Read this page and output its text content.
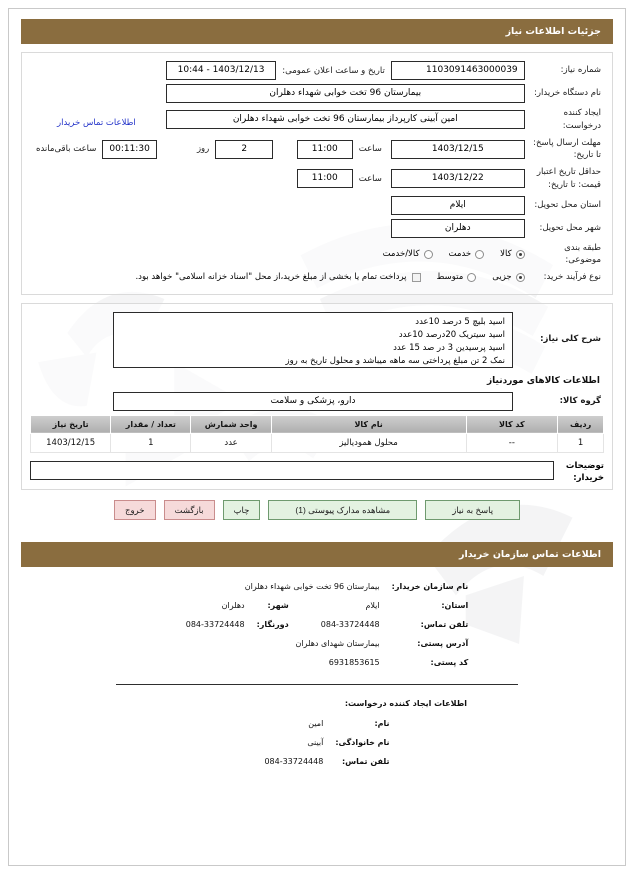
جزئیات اطلاعات نیاز
شماره نیاز:	
1103091463000039
	تاریخ و ساعت اعلان عمومی:	
1403/12/13 - 10:44

نام دستگاه خریدار:	
بیمارستان 96 تخت خوابی شهداء دهلران

ایجاد کننده درخواست:	
امین آبینی کارپرداز بیمارستان 96 تخت خوابی شهداء دهلران
	اطلاعات تماس خریدار
مهلت ارسال پاسخ: تا تاریخ:	
1403/12/15

ساعت	
11:00

2
	روز

00:11:30
	ساعت باقی‌مانده

حداقل تاریخ اعتبار قیمت: تا تاریخ:	
1403/12/22

ساعت	
11:00

استان محل تحویل:	
ایلام

شهر محل تحویل:	
دهلران

طبقه بندی موضوعی:	
کالا
خدمت
کالا/خدمت

نوع فرآیند خرید:	
جزیی
متوسط
پرداخت تمام یا بخشی از مبلغ خرید،از محل "اسناد خزانه اسلامی" خواهد بود.
شرح کلی نیاز:	
اسید بلیچ 5 درصد 10عدد
اسید سیتریک 20درصد 10عدد
اسید پرسیدین 3 در صد 15 عدد
نمک 2 تن مبلغ پرداختی سه ماهه میباشد و محلول تاریخ به روز

اطلاعات کالاهای موردنیاز
گروه کالا:	
دارو، پزشکی و سلامت

ردیف	کد کالا	نام کالا	واحد شمارش	تعداد / مقدار	تاریخ نیاز
1	--	محلول همودیالیز	عدد	1	1403/12/15
توضیحات خریدار:
پاسخ به نیاز
مشاهده مدارک پیوستی (1)
چاپ
بازگشت
خروج
اطلاعات تماس سازمان خریدار
نام سازمان خریدار:	بیمارستان 96 تخت خوابی شهداء دهلران		
استان:	ایلام	شهر:	دهلران
تلفن تماس:	084-33724448	دورنگار:	084-33724448
آدرس پستی:	بیمارستان شهدای دهلران		
کد پستی:	6931853615		
اطلاعات ایجاد کننده درخواست:
نام:	امین
نام خانوادگی:	آبینی
تلفن تماس:	084-33724448
